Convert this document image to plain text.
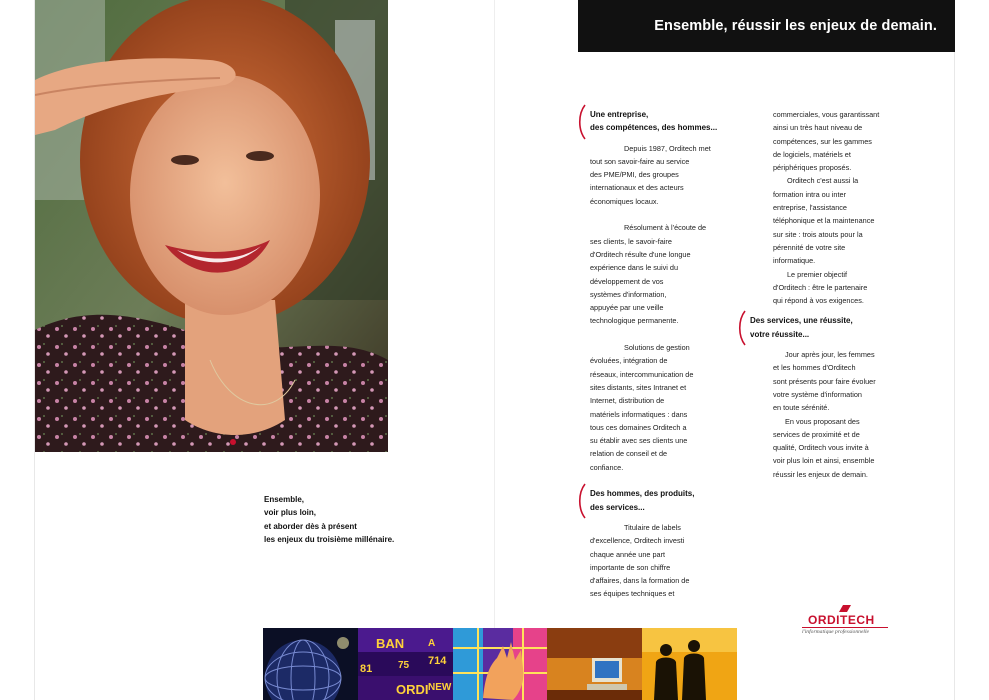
Ensemble,
voir plus loin,
et aborder dès à présent
les enjeux du troisième millénaire.
Ensemble, réussir les enjeux de demain.
Une entreprise,
des compétences, des hommes...
Depuis 1987, Orditech met
tout son savoir-faire au service
des PME/PMI, des groupes
internationaux et des acteurs
économiques locaux.
Résolument à l'écoute de
ses clients, le savoir-faire
d'Orditech résulte d'une longue
expérience dans le suivi du
développement de vos
systèmes d'information,
appuyée par une veille
technologique permanente.
Solutions de gestion
évoluées, intégration de
réseaux, intercommunication de
sites distants, sites Intranet et
Internet, distribution de
matériels informatiques : dans
tous ces domaines Orditech a
su établir avec ses clients une
relation de conseil et de
confiance.
Des hommes, des produits,
des services...
Titulaire de labels
d'excellence, Orditech investi
chaque année une part
importante de son chiffre
d'affaires, dans la formation de
ses équipes techniques et
commerciales, vous garantissant
ainsi un très haut niveau de
compétences, sur les gammes
de logiciels, matériels et
périphériques proposés.
Orditech c'est aussi la
formation intra ou inter
entreprise, l'assistance
téléphonique et la maintenance
sur site : trois atouts pour la
pérennité de votre site
informatique.
Le premier objectif
d'Orditech : être le partenaire
qui répond à vos exigences.
Des services, une réussite,
votre réussite...
Jour après jour, les femmes
et les hommes d'Orditech
sont présents pour faire évoluer
votre système d'information
en toute sérénité.
En vous proposant des
services de proximité et de
qualité, Orditech vous invite à
voir plus loin et ainsi, ensemble
réussir les enjeux de demain.
ORDITECH
l'informatique professionnelle
BAN A
81	75 714
ORDI NEW
